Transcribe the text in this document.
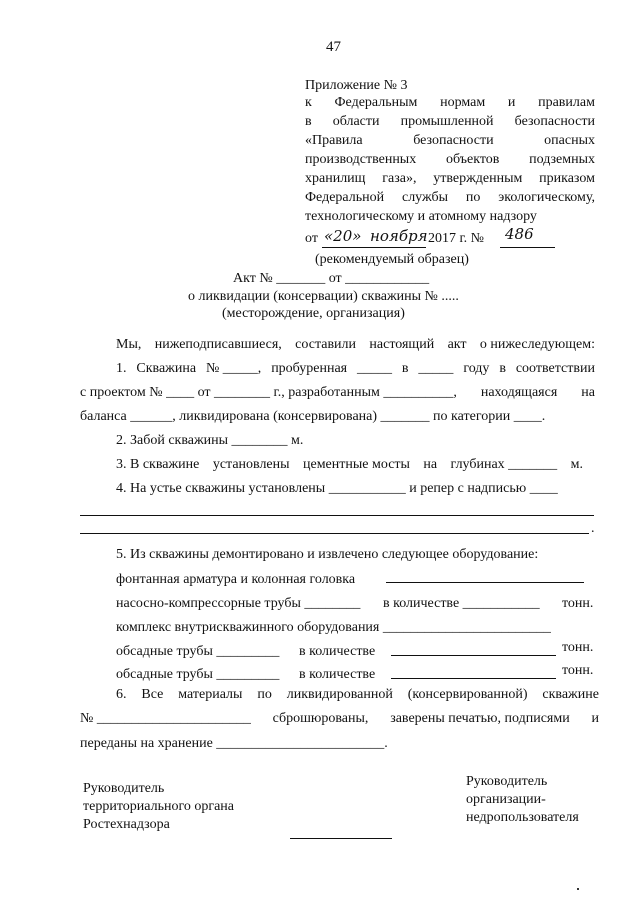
47
Приложение № 3
к Федеральным нормам и правилам
в области промышленной безопасности
«Правила	безопасности	опасных
производственных объектов подземных
хранилищ газа», утвержденным приказом
Федеральной службы по экологическому,
технологическому и атомному надзору
от «20» ноября 2017 г. № 486
(рекомендуемый образец)
Акт № _______ от ____________
о ликвидации (консервации) скважины № .....
(месторождение, организация)
Мы, нижеподписавшиеся, составили настоящий акт о нижеследующем:
1. Скважина № _____, пробуренная _____ в _____ году в соответствии
с проектом № ____ от ________ г., разработанным __________, находящаяся на
баланса ______, ликвидирована (консервирована) _______ по категории ____.
2. Забой скважины ________ м.
3. В скважине установлены цементные мосты на глубинах _______ м.
4. На устье скважины установлены ___________ и репер с надписью ____
.
5. Из скважины демонтировано и извлечено следующее оборудование:
фонтанная арматура и колонная головка
насосно-компрессорные трубы ________ в количестве ___________ тонн.
комплекс внутрискважинного оборудования ________________________
обсадные трубы _________ в количестве	тонн.
обсадные трубы _________ в количестве	тонн.
6. Все материалы по ликвидированной (консервированной) скважине
№ ______________________ сброшюрованы, заверены печатью, подписями и
переданы на хранение ________________________.
Руководитель
территориального органа
Ростехнадзора
Руководитель
организации-
недропользователя
